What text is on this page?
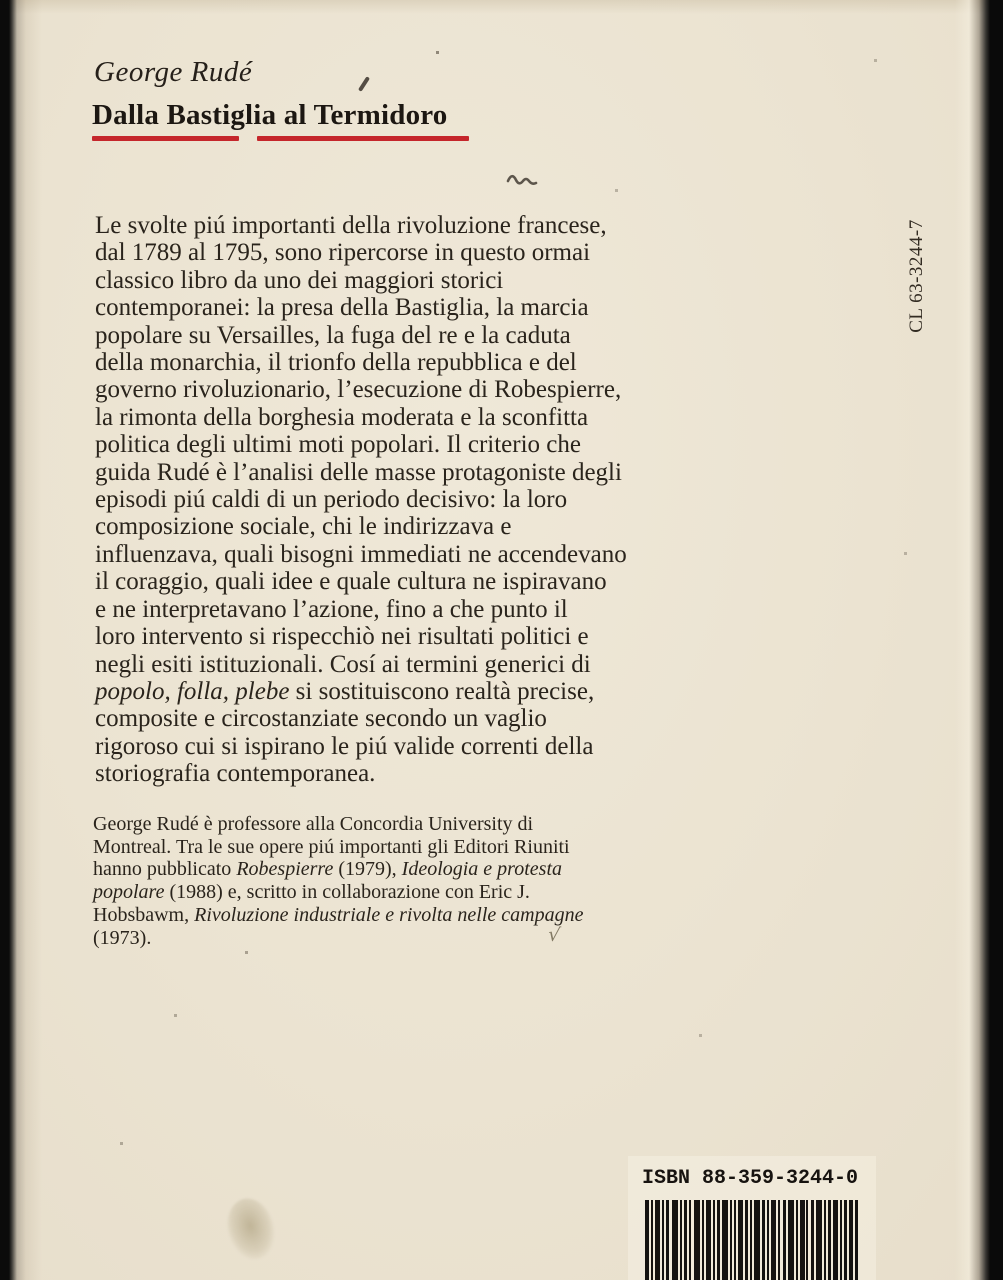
George Rudé
Dalla Bastiglia al Termidoro
CL 63-3244-7
Le svolte piú importanti della rivoluzione francese,
dal 1789 al 1795, sono ripercorse in questo ormai
classico libro da uno dei maggiori storici
contemporanei: la presa della Bastiglia, la marcia
popolare su Versailles, la fuga del re e la caduta
della monarchia, il trionfo della repubblica e del
governo rivoluzionario, l’esecuzione di Robespierre,
la rimonta della borghesia moderata e la sconfitta
politica degli ultimi moti popolari. Il criterio che
guida Rudé è l’analisi delle masse protagoniste degli
episodi piú caldi di un periodo decisivo: la loro
composizione sociale, chi le indirizzava e
influenzava, quali bisogni immediati ne accendevano
il coraggio, quali idee e quale cultura ne ispiravano
e ne interpretavano l’azione, fino a che punto il
loro intervento si rispecchiò nei risultati politici e
negli esiti istituzionali. Cosí ai termini generici di
popolo, folla, plebe si sostituiscono realtà precise,
composite e circostanziate secondo un vaglio
rigoroso cui si ispirano le piú valide correnti della
storiografia contemporanea.
George Rudé è professore alla Concordia University di
Montreal. Tra le sue opere piú importanti gli Editori Riuniti
hanno pubblicato Robespierre (1979), Ideologia e protesta
popolare (1988) e, scritto in collaborazione con Eric J.
Hobsbawm, Rivoluzione industriale e rivolta nelle campagne
(1973).
ISBN 88-359-3244-0
√
